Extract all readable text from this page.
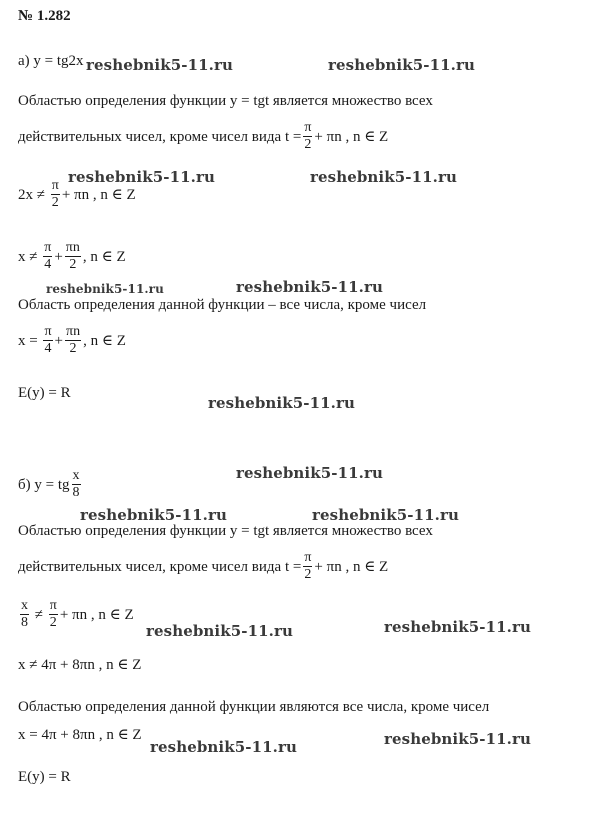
№ 1.282
а) y = tg2x
Областью определения функции y = tgt является множество всех
действительных чисел, кроме чисел вида $t = \frac{\pi}{2} + \pi n$ , n ∈ Z
2x ≠
$\frac{\pi}{2} + \pi n$ , n ∈ Z
x ≠
$\frac{\pi}{4} + \frac{\pi n}{2}$ , n ∈ Z
Область определения данной функции – все числа, кроме чисел
x =
$\frac{\pi}{4} + \frac{\pi n}{2}$ , n ∈ Z
E(y) = R
б) y = tg $\frac{x}{8}$
Областью определения функции y = tgt является множество всех
действительных чисел, кроме чисел вида $t = \frac{\pi}{2} + \pi n$ , n ∈ Z
$\frac{x}{8}$
≠
$\frac{\pi}{2} + \pi n$ , n ∈ Z
x ≠ 4π + 8πn , n ∈ Z
Областью определения данной функции являются все числа, кроме чисел
x = 4π + 8πn , n ∈ Z
E(y) = R
reshebnik5-11.ru	reshebnik5-11.ru
reshebnik5-11.ru	reshebnik5-11.ru
reshebnik5-11.ru	reshebnik5-11.ru
reshebnik5-11.ru
reshebnik5-11.ru
reshebnik5-11.ru	reshebnik5-11.ru
reshebnik5-11.ru	reshebnik5-11.ru
reshebnik5-11.ru	reshebnik5-11.ru
